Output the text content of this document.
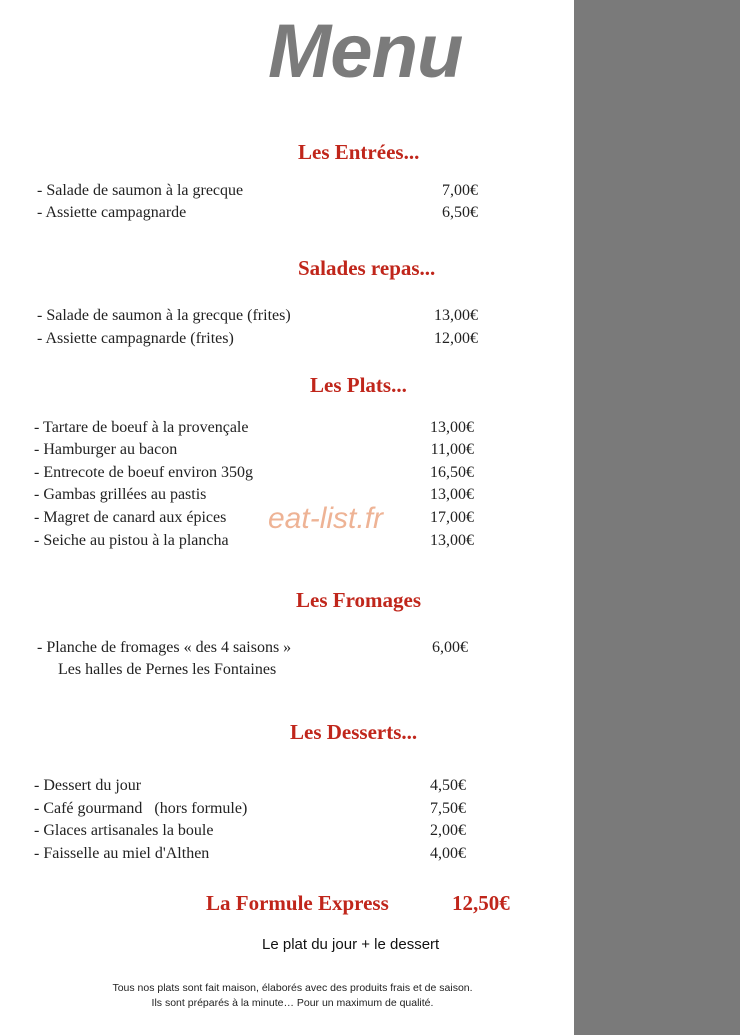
Menu
Les Entrées...
- Salade de saumon à la grecque	7,00€
- Assiette campagnarde	6,50€
Salades repas...
- Salade de saumon à la grecque (frites)	13,00€
- Assiette campagnarde (frites)	12,00€
Les Plats...
- Tartare de boeuf à la provençale	13,00€
- Hamburger au bacon	11,00€
- Entrecote de boeuf environ 350g	16,50€
- Gambas grillées au pastis	13,00€
- Magret de canard aux épices	17,00€
- Seiche au pistou à la plancha	13,00€
eat-list.fr
Les Fromages
- Planche de fromages « des 4 saisons »	6,00€
Les halles de Pernes les Fontaines
Les Desserts...
- Dessert du jour	4,50€
- Café gourmand   (hors formule)	7,50€
- Glaces artisanales la boule	2,00€
- Faisselle au miel d'Althen	4,00€
La Formule Express	12,50€
Le plat du jour + le dessert
Tous nos plats sont fait maison, élaborés avec des produits frais et de saison.
Ils sont préparés à la minute… Pour un maximum de qualité.
